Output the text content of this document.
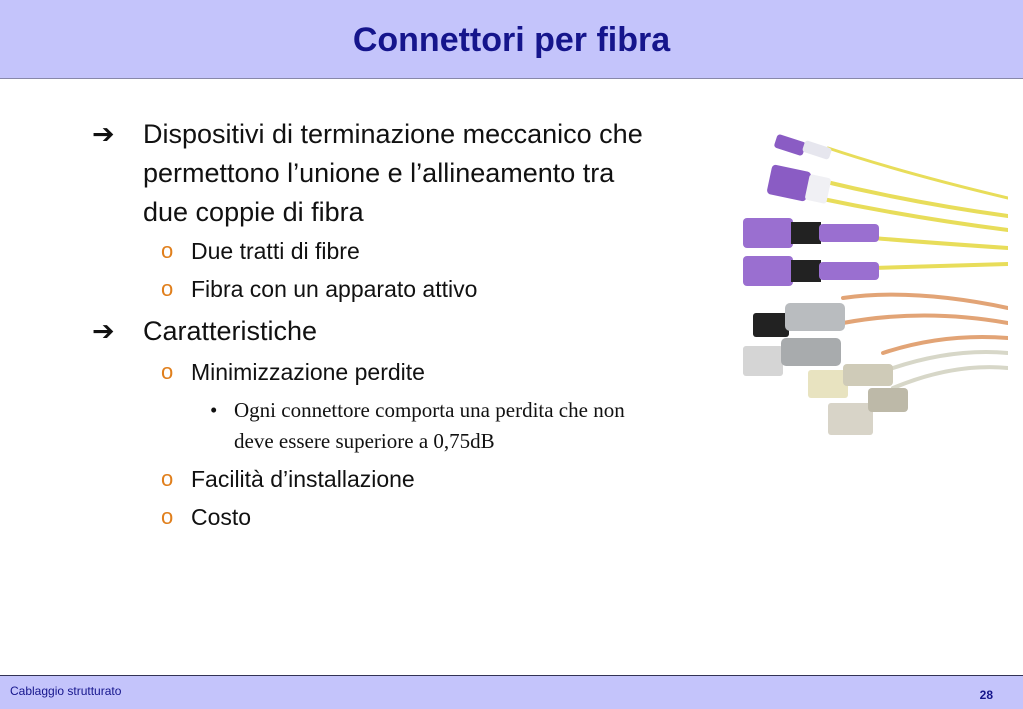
Connettori per fibra
➔	Dispositivi di terminazione meccanico che
permettono l’unione e l’allineamento tra
due coppie di fibra
o Due tratti di fibre
o Fibra con un apparato attivo
➔	Caratteristiche
o Minimizzazione perdite
• Ogni connettore comporta una perdita che non
deve essere superiore a 0,75dB
o Facilità d’installazione
o Costo
Cablaggio strutturato	28
